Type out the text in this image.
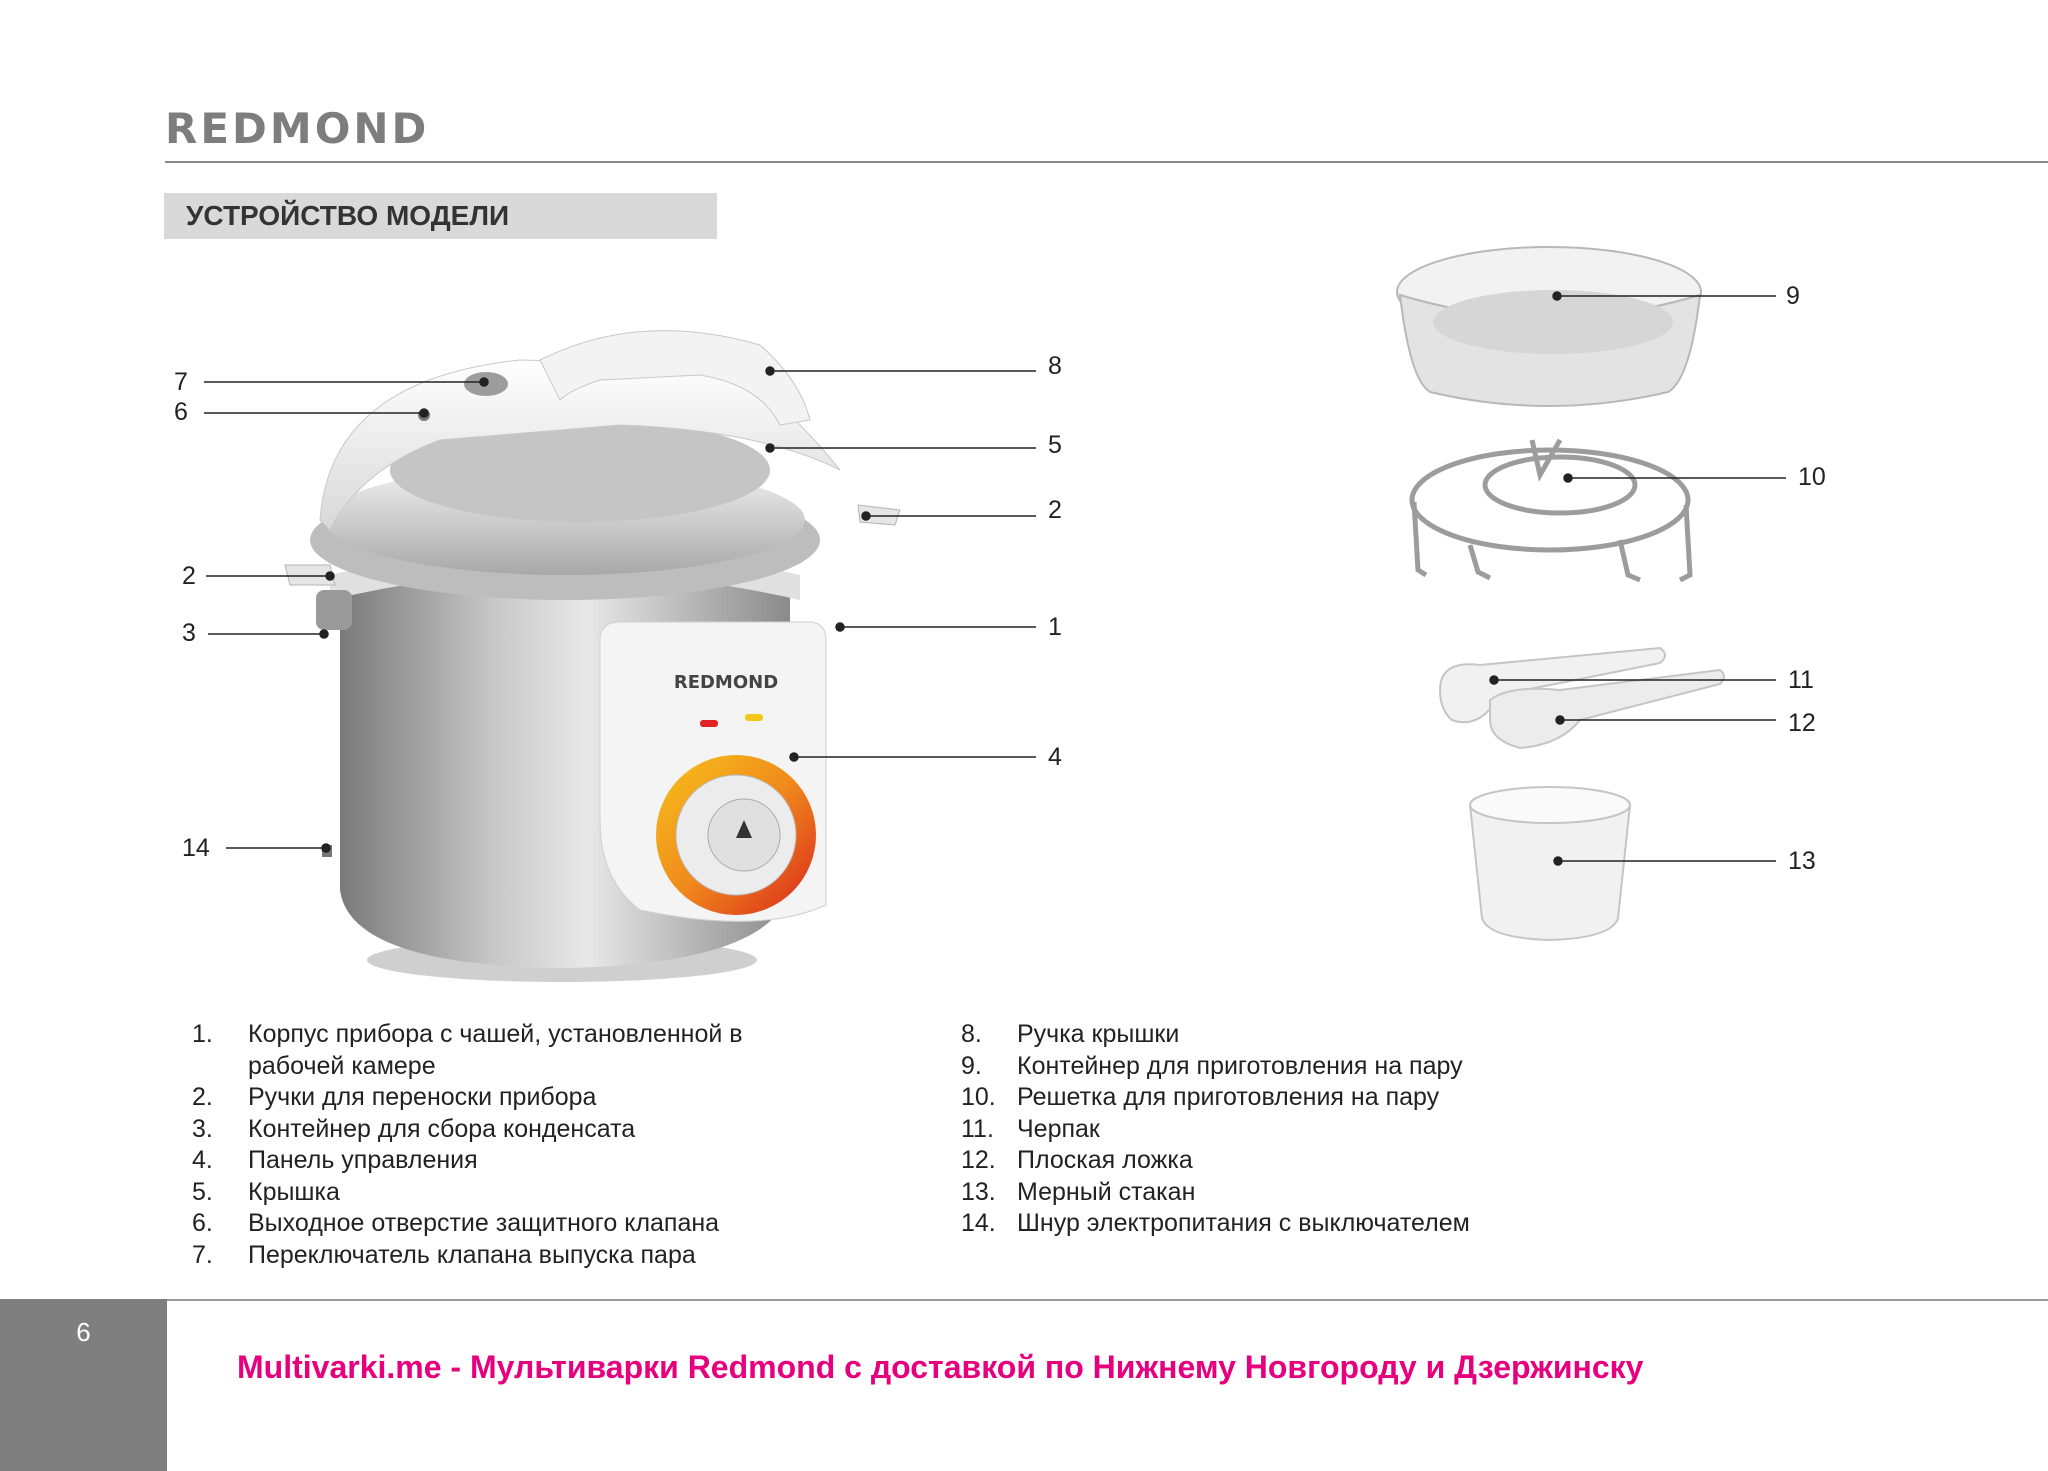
REDMOND
УСТРОЙСТВО МОДЕЛИ
REDMOND
1
2
2
3
4
5
6
7
8
9
10
11
12
13
14
1.	Корпус прибора с чашей, установленной в рабочей камере
2.	Ручки для переноски прибора
3.	Контейнер для сбора конденсата
4.	Панель управления
5.	Крышка
6.	Выходное отверстие защитного клапана
7.	Переключатель клапана выпуска пара
8.	Ручка крышки
9.	Контейнер для приготовления на пару
10. Решетка для приготовления на пару
11. Черпак
12. Плоская ложка
13. Мерный стакан
14. Шнур электропитания с выключателем
6
Multivarki.me - Мультиварки Redmond с доставкой по Нижнему Новгороду и Дзержинску
